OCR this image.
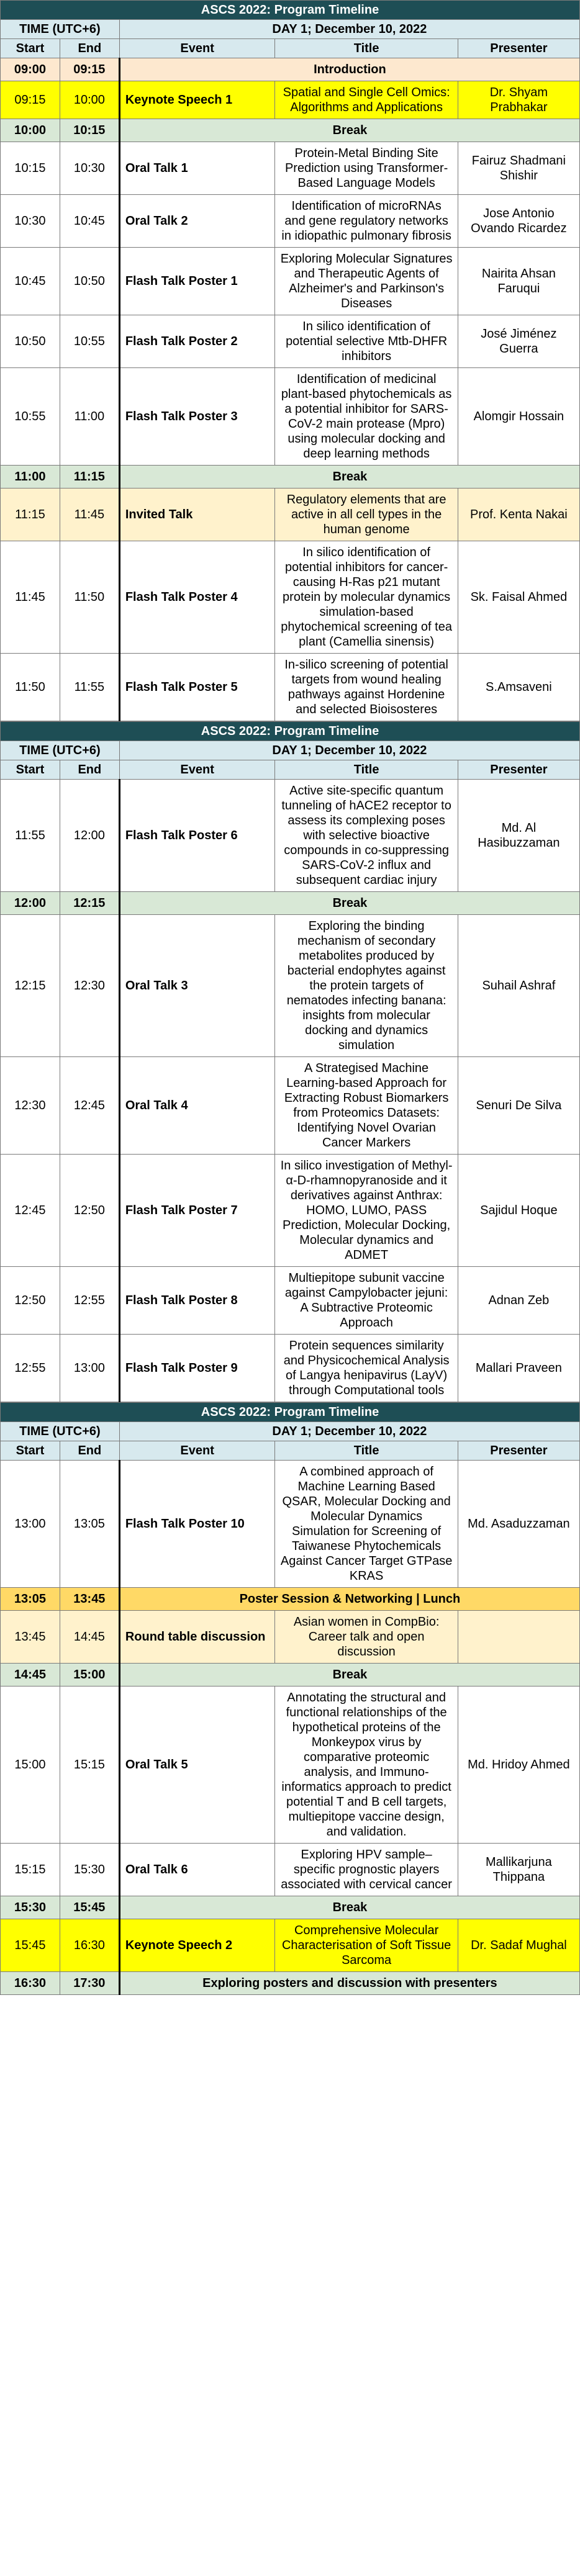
ASCS 2022: Program Timeline				
TIME (UTC+6)		DAY 1; December 10, 2022		
Start	End	Event	Title	Presenter
09:00	09:15	Introduction		
09:15	10:00	Keynote Speech 1	Spatial and Single Cell Omics: Algorithms and Applications	Dr. Shyam Prabhakar
10:00	10:15	Break		
10:15	10:30	Oral Talk 1	Protein-Metal Binding Site Prediction using Transformer-Based Language Models	Fairuz Shadmani Shishir
10:30	10:45	Oral Talk 2	Identification of microRNAs and gene regulatory networks in idiopathic pulmonary fibrosis	Jose Antonio Ovando Ricardez
10:45	10:50	Flash Talk Poster 1	Exploring Molecular Signatures and Therapeutic Agents of Alzheimer's and Parkinson's Diseases	Nairita Ahsan Faruqui
10:50	10:55	Flash Talk Poster 2	In silico identification of potential selective Mtb-DHFR inhibitors	José Jiménez Guerra
10:55	11:00	Flash Talk Poster 3	Identification of medicinal plant-based phytochemicals as a potential inhibitor for SARS-CoV-2 main protease (Mpro) using molecular docking and deep learning methods	Alomgir Hossain
11:00	11:15	Break		
11:15	11:45	Invited Talk	Regulatory elements that are active in all cell types in the human genome	Prof. Kenta Nakai
11:45	11:50	Flash Talk Poster 4	In silico identification of potential inhibitors for cancer-causing H-Ras p21 mutant protein by molecular dynamics simulation-based phytochemical screening of tea plant (Camellia sinensis)	Sk. Faisal Ahmed
11:50	11:55	Flash Talk Poster 5	In-silico screening of potential targets from wound healing pathways against Hordenine and selected Bioisosteres	S.Amsaveni
ASCS 2022: Program Timeline				
TIME (UTC+6)		DAY 1; December 10, 2022		
Start	End	Event	Title	Presenter
11:55	12:00	Flash Talk Poster 6	Active site-specific quantum tunneling of hACE2 receptor to assess its complexing poses with selective bioactive compounds in co-suppressing SARS-CoV-2 influx and subsequent cardiac injury	Md. Al Hasibuzzaman
12:00	12:15	Break		
12:15	12:30	Oral Talk 3	Exploring the binding mechanism of secondary metabolites produced by bacterial endophytes against the protein targets of nematodes infecting banana: insights from molecular docking and dynamics simulation	Suhail Ashraf
12:30	12:45	Oral Talk 4	A Strategised Machine Learning-based Approach for Extracting Robust Biomarkers from Proteomics Datasets: Identifying Novel Ovarian Cancer Markers	Senuri De Silva
12:45	12:50	Flash Talk Poster 7	In silico investigation of Methyl-α-D-rhamnopyranoside and it derivatives against Anthrax: HOMO, LUMO, PASS Prediction, Molecular Docking, Molecular dynamics and ADMET	Sajidul Hoque
12:50	12:55	Flash Talk Poster 8	Multiepitope subunit vaccine against Campylobacter jejuni: A Subtractive Proteomic Approach	Adnan Zeb
12:55	13:00	Flash Talk Poster 9	Protein sequences similarity and Physicochemical Analysis of Langya henipavirus (LayV) through Computational tools	Mallari Praveen
ASCS 2022: Program Timeline				
TIME (UTC+6)		DAY 1; December 10, 2022		
Start	End	Event	Title	Presenter
13:00	13:05	Flash Talk Poster 10	A combined approach of Machine Learning Based QSAR, Molecular Docking and Molecular Dynamics Simulation for Screening of Taiwanese Phytochemicals Against Cancer Target GTPase KRAS	Md. Asaduzzaman
13:05	13:45	Poster Session & Networking | Lunch		
13:45	14:45	Round table discussion	Asian women in CompBio: Career talk and open discussion	
14:45	15:00	Break		
15:00	15:15	Oral Talk 5	Annotating the structural and functional relationships of the hypothetical proteins of the Monkeypox virus by comparative proteomic analysis, and Immuno-informatics approach to predict potential T and B cell targets, multiepitope vaccine design, and validation.	Md. Hridoy Ahmed
15:15	15:30	Oral Talk 6	Exploring HPV sample–specific prognostic players associated with cervical cancer	Mallikarjuna Thippana
15:30	15:45	Break		
15:45	16:30	Keynote Speech 2	Comprehensive Molecular Characterisation of Soft Tissue Sarcoma	Dr. Sadaf Mughal
16:30	17:30	Exploring posters and discussion with presenters		
